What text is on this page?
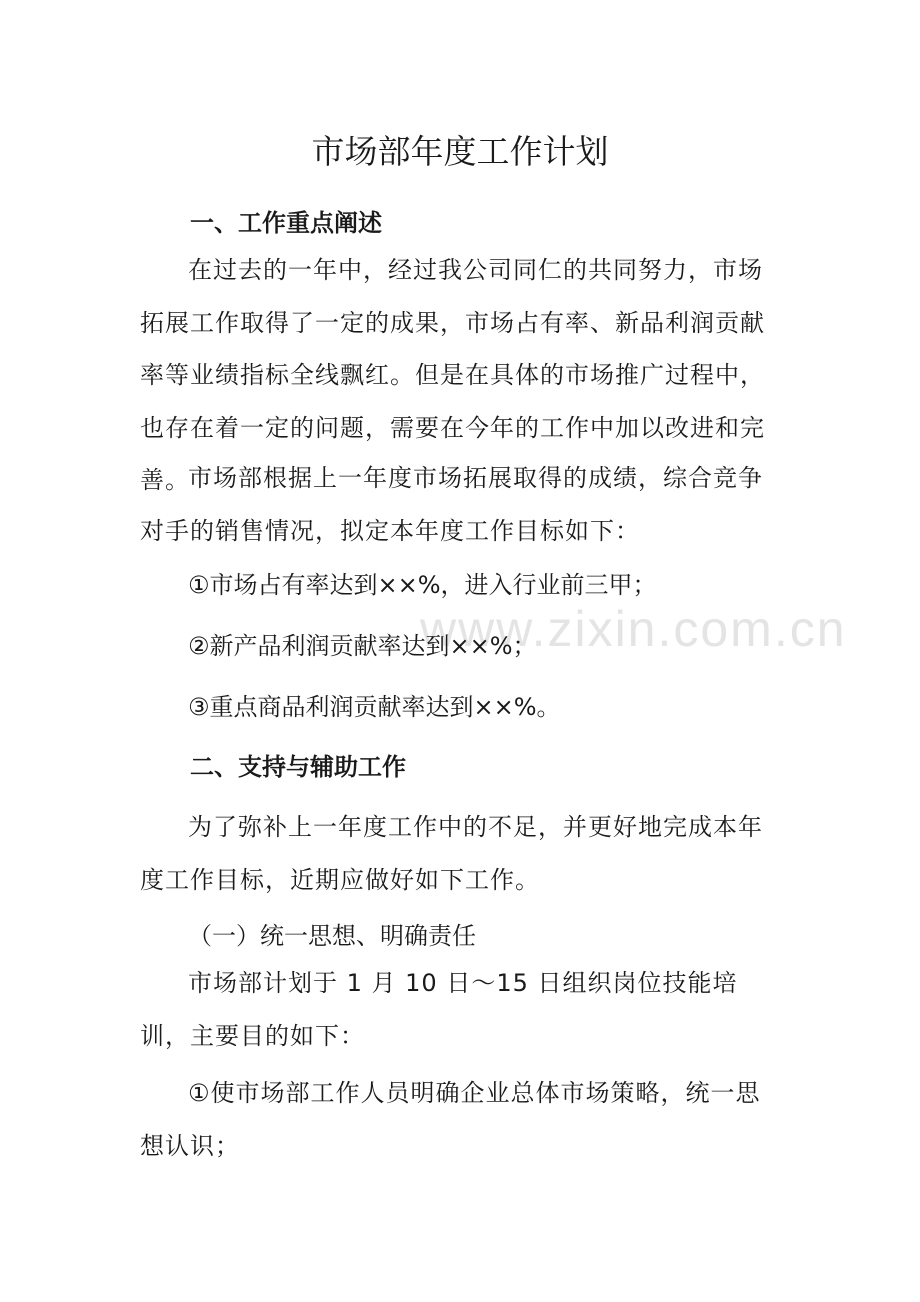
www.zixin.com.cn
市场部年度工作计划
一、工作重点阐述

在过去的一年中，经过我公司同仁的共同努力，市场拓展工作取得了一定的成果，市场占有率、新品利润贡献率等业绩指标全线飘红。但是在具体的市场推广过程中，也存在着一定的问题，需要在今年的工作中加以改进和完善。

市场部根据上一年度市场拓展取得的成绩，综合竞争对手的销售情况，拟定本年度工作目标如下：

①市场占有率达到××%，进入行业前三甲；

②新产品利润贡献率达到××%；

③重点商品利润贡献率达到××%。

二、支持与辅助工作

为了弥补上一年度工作中的不足，并更好地完成本年度工作目标，近期应做好如下工作。

（一）统一思想、明确责任

市场部计划于 1 月 10 日～15 日组织岗位技能培训，主要目的如下：

①使市场部工作人员明确企业总体市场策略，统一思想认识；
